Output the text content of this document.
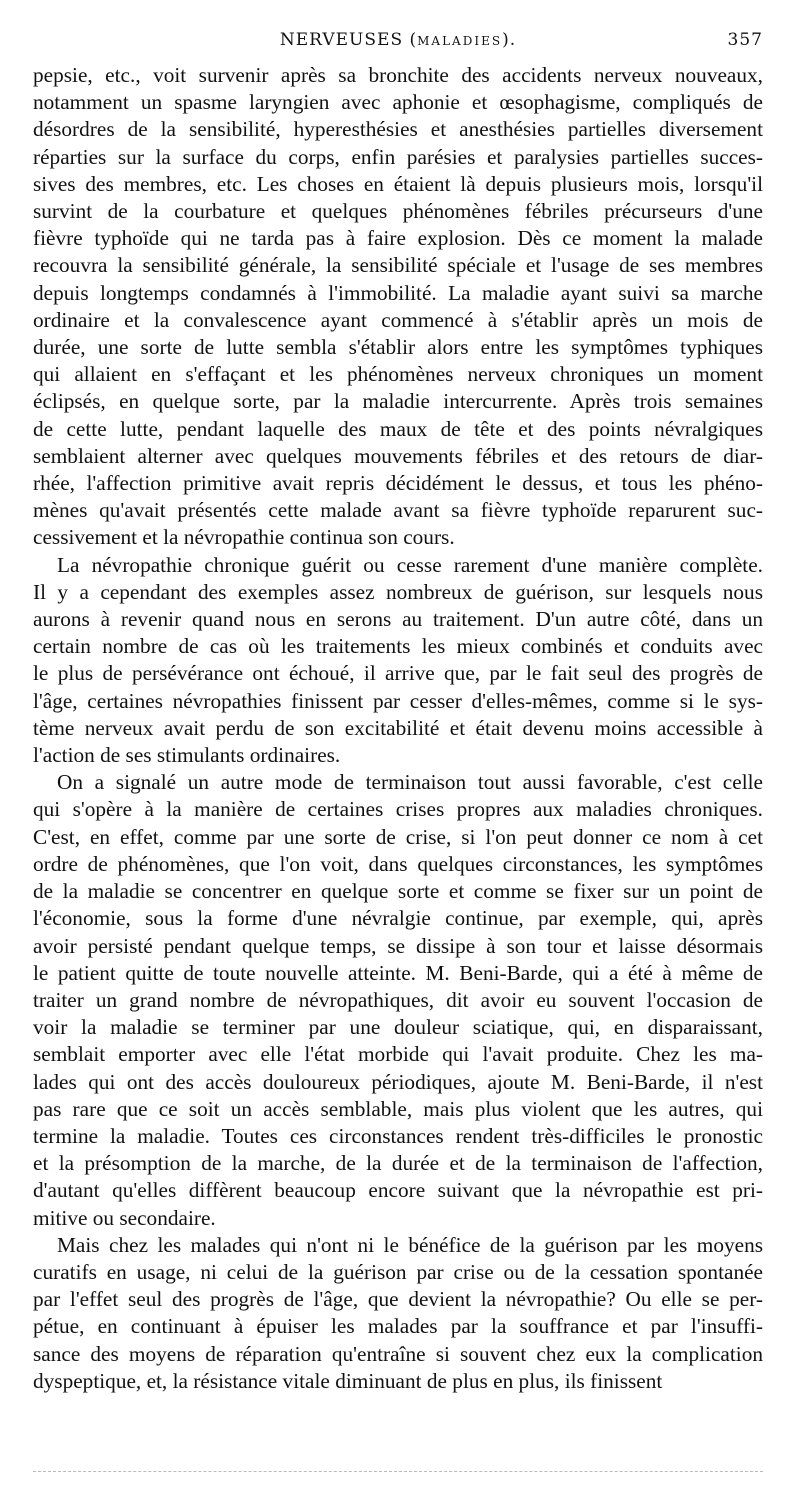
NERVEUSES (MALADIES).	357

pepsie, etc., voit survenir après sa bronchite des accidents nerveux nouveaux,
notamment un spasme laryngien avec aphonie et œsophagisme, compliqués de
désordres de la sensibilité, hyperesthésies et anesthésies partielles diversement
réparties sur la surface du corps, enfin parésies et paralysies partielles succes-
sives des membres, etc. Les choses en étaient là depuis plusieurs mois, lorsqu'il
survint de la courbature et quelques phénomènes fébriles précurseurs d'une
fièvre typhoïde qui ne tarda pas à faire explosion. Dès ce moment la malade
recouvra la sensibilité générale, la sensibilité spéciale et l'usage de ses membres
depuis longtemps condamnés à l'immobilité. La maladie ayant suivi sa marche
ordinaire et la convalescence ayant commencé à s'établir après un mois de
durée, une sorte de lutte sembla s'établir alors entre les symptômes typhiques
qui allaient en s'effaçant et les phénomènes nerveux chroniques un moment
éclipsés, en quelque sorte, par la maladie intercurrente. Après trois semaines
de cette lutte, pendant laquelle des maux de tête et des points névralgiques
semblaient alterner avec quelques mouvements fébriles et des retours de diar-
rhée, l'affection primitive avait repris décidément le dessus, et tous les phéno-
mènes qu'avait présentés cette malade avant sa fièvre typhoïde reparurent suc-
cessivement et la névropathie continua son cours.

La névropathie chronique guérit ou cesse rarement d'une manière complète.
Il y a cependant des exemples assez nombreux de guérison, sur lesquels nous
aurons à revenir quand nous en serons au traitement. D'un autre côté, dans un
certain nombre de cas où les traitements les mieux combinés et conduits avec
le plus de persévérance ont échoué, il arrive que, par le fait seul des progrès de
l'âge, certaines névropathies finissent par cesser d'elles-mêmes, comme si le sys-
tème nerveux avait perdu de son excitabilité et était devenu moins accessible à
l'action de ses stimulants ordinaires.

On a signalé un autre mode de terminaison tout aussi favorable, c'est celle
qui s'opère à la manière de certaines crises propres aux maladies chroniques.
C'est, en effet, comme par une sorte de crise, si l'on peut donner ce nom à cet
ordre de phénomènes, que l'on voit, dans quelques circonstances, les symptômes
de la maladie se concentrer en quelque sorte et comme se fixer sur un point de
l'économie, sous la forme d'une névralgie continue, par exemple, qui, après
avoir persisté pendant quelque temps, se dissipe à son tour et laisse désormais
le patient quitte de toute nouvelle atteinte. M. Beni-Barde, qui a été à même de
traiter un grand nombre de névropathiques, dit avoir eu souvent l'occasion de
voir la maladie se terminer par une douleur sciatique, qui, en disparaissant,
semblait emporter avec elle l'état morbide qui l'avait produite. Chez les ma-
lades qui ont des accès douloureux périodiques, ajoute M. Beni-Barde, il n'est
pas rare que ce soit un accès semblable, mais plus violent que les autres, qui
termine la maladie. Toutes ces circonstances rendent très-difficiles le pronostic
et la présomption de la marche, de la durée et de la terminaison de l'affection,
d'autant qu'elles diffèrent beaucoup encore suivant que la névropathie est pri-
mitive ou secondaire.

Mais chez les malades qui n'ont ni le bénéfice de la guérison par les moyens
curatifs en usage, ni celui de la guérison par crise ou de la cessation spontanée
par l'effet seul des progrès de l'âge, que devient la névropathie? Ou elle se per-
pétue, en continuant à épuiser les malades par la souffrance et par l'insuffi-
sance des moyens de réparation qu'entraîne si souvent chez eux la complication
dyspeptique, et, la résistance vitale diminuant de plus en plus, ils finissent
